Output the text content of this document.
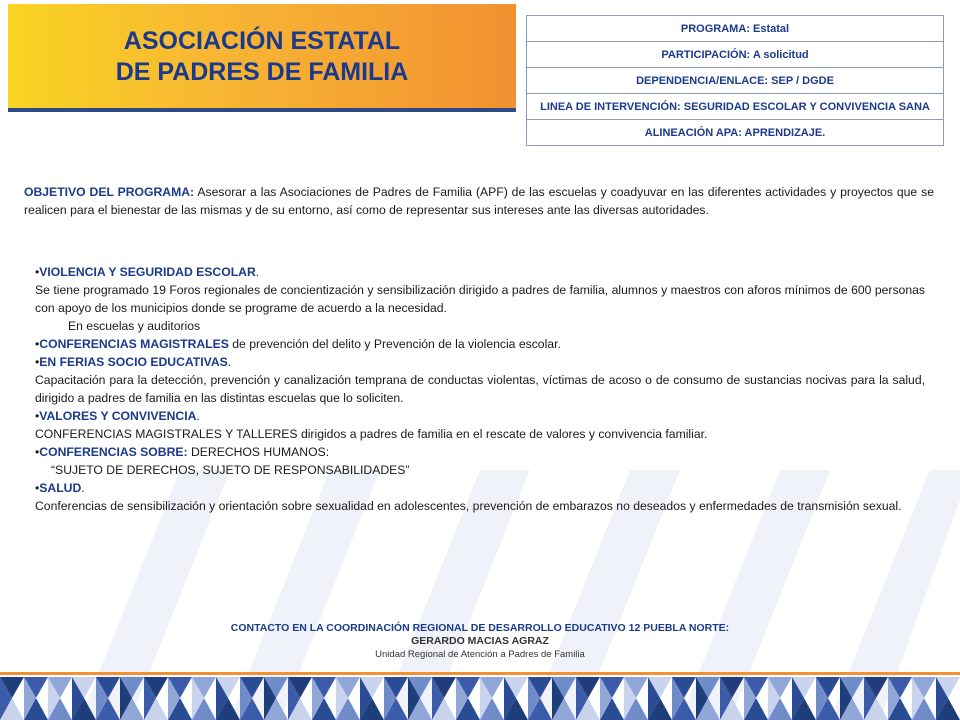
ASOCIACIÓN ESTATAL
DE PADRES DE FAMILIA
PROGRAMA: Estatal
PARTICIPACIÓN: A solicitud
DEPENDENCIA/ENLACE: SEP / DGDE
LINEA DE INTERVENCIÓN: SEGURIDAD ESCOLAR Y CONVIVENCIA SANA
ALINEACIÓN APA: APRENDIZAJE.
OBJETIVO DEL PROGRAMA: Asesorar a las Asociaciones de Padres de Familia (APF) de las escuelas y coadyuvar en las diferentes actividades y proyectos que se realicen para el bienestar de las mismas y de su entorno, así como de representar sus intereses ante las diversas autoridades.

•VIOLENCIA Y SEGURIDAD ESCOLAR.

Se tiene programado 19 Foros regionales de concientización y sensibilización dirigido a padres de familia, alumnos y maestros con aforos mínimos de 600 personas con apoyo de los municipios donde se programe de acuerdo a la necesidad.

En escuelas y auditorios

•CONFERENCIAS MAGISTRALES de prevención del delito y Prevención de la violencia escolar.

•EN FERIAS SOCIO EDUCATIVAS.

Capacitación para la detección, prevención y canalización temprana de conductas violentas, víctimas de acoso o de consumo de sustancias nocivas para la salud, dirigido a padres de familia en las distintas escuelas que lo soliciten.

•VALORES Y CONVIVENCIA.

CONFERENCIAS MAGISTRALES Y TALLERES dirigidos a padres de familia en el rescate de valores y convivencia familiar.

•CONFERENCIAS SOBRE: DERECHOS HUMANOS:

“SUJETO DE DERECHOS, SUJETO DE RESPONSABILIDADES”

•SALUD.

Conferencias de sensibilización y orientación sobre sexualidad en adolescentes, prevención de embarazos no deseados y enfermedades de transmisión sexual.

CONTACTO EN LA COORDINACIÓN REGIONAL DE DESARROLLO EDUCATIVO 12 PUEBLA NORTE:
GERARDO MACIAS AGRAZ
Unidad Regional de Atención a Padres de Familia
